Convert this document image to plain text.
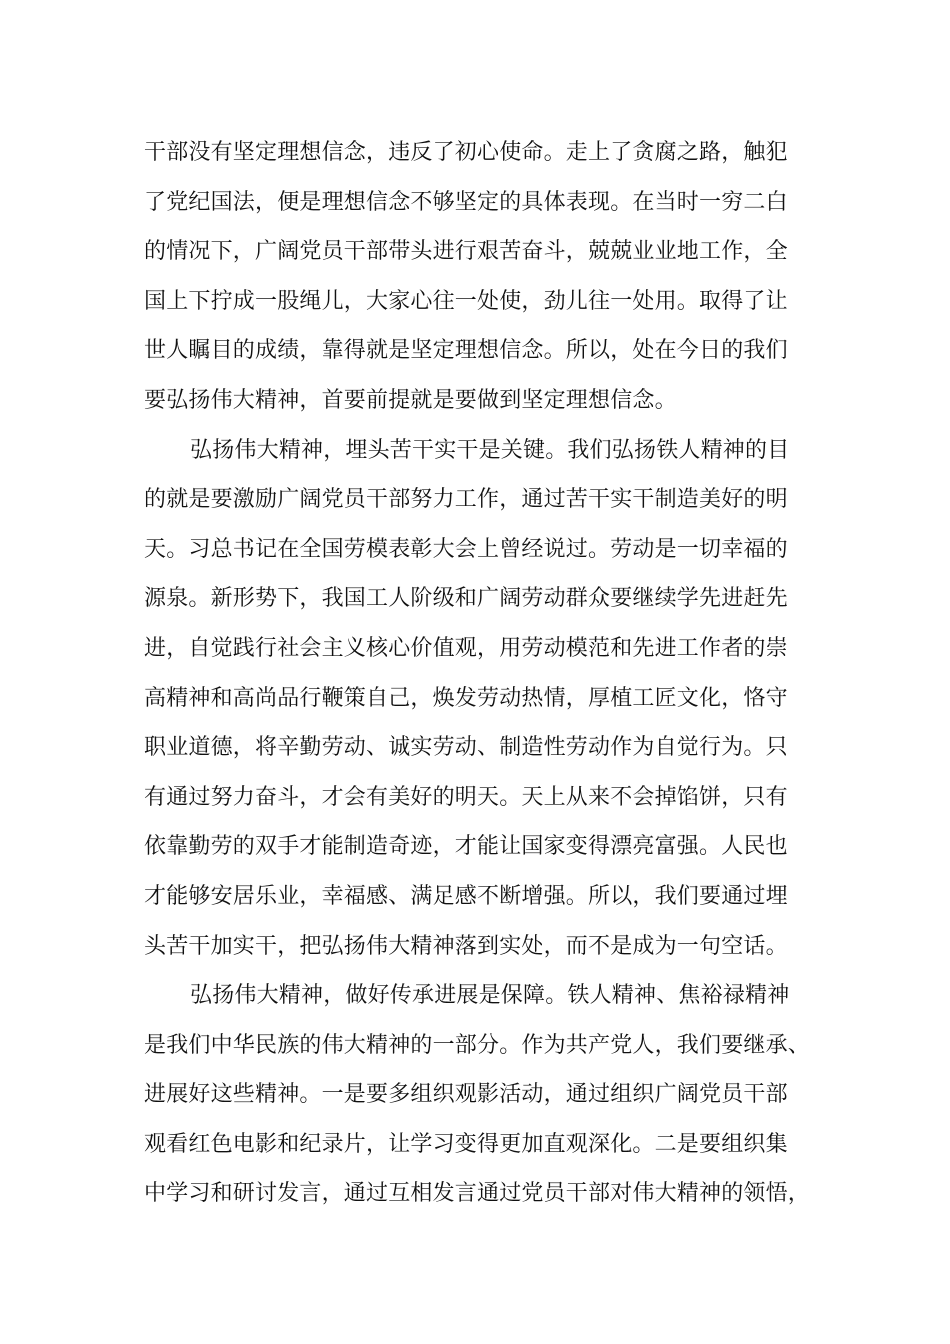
干部没有坚定理想信念，违反了初心使命。走上了贪腐之路，触犯
了党纪国法，便是理想信念不够坚定的具体表现。在当时一穷二白
的情况下，广阔党员干部带头进行艰苦奋斗，兢兢业业地工作，全
国上下拧成一股绳儿，大家心往一处使，劲儿往一处用。取得了让
世人瞩目的成绩，靠得就是坚定理想信念。所以，处在今日的我们
要弘扬伟大精神，首要前提就是要做到坚定理想信念。
弘扬伟大精神，埋头苦干实干是关键。我们弘扬铁人精神的目
的就是要激励广阔党员干部努力工作，通过苦干实干制造美好的明
天。习总书记在全国劳模表彰大会上曾经说过。劳动是一切幸福的
源泉。新形势下，我国工人阶级和广阔劳动群众要继续学先进赶先
进，自觉践行社会主义核心价值观，用劳动模范和先进工作者的崇
高精神和高尚品行鞭策自己，焕发劳动热情，厚植工匠文化，恪守
职业道德，将辛勤劳动、诚实劳动、制造性劳动作为自觉行为。只
有通过努力奋斗，才会有美好的明天。天上从来不会掉馅饼，只有
依靠勤劳的双手才能制造奇迹，才能让国家变得漂亮富强。人民也
才能够安居乐业，幸福感、满足感不断增强。所以，我们要通过埋
头苦干加实干，把弘扬伟大精神落到实处，而不是成为一句空话。
弘扬伟大精神，做好传承进展是保障。铁人精神、焦裕禄精神
是我们中华民族的伟大精神的一部分。作为共产党人，我们要继承、
进展好这些精神。一是要多组织观影活动，通过组织广阔党员干部
观看红色电影和纪录片，让学习变得更加直观深化。二是要组织集
中学习和研讨发言，通过互相发言通过党员干部对伟大精神的领悟，
